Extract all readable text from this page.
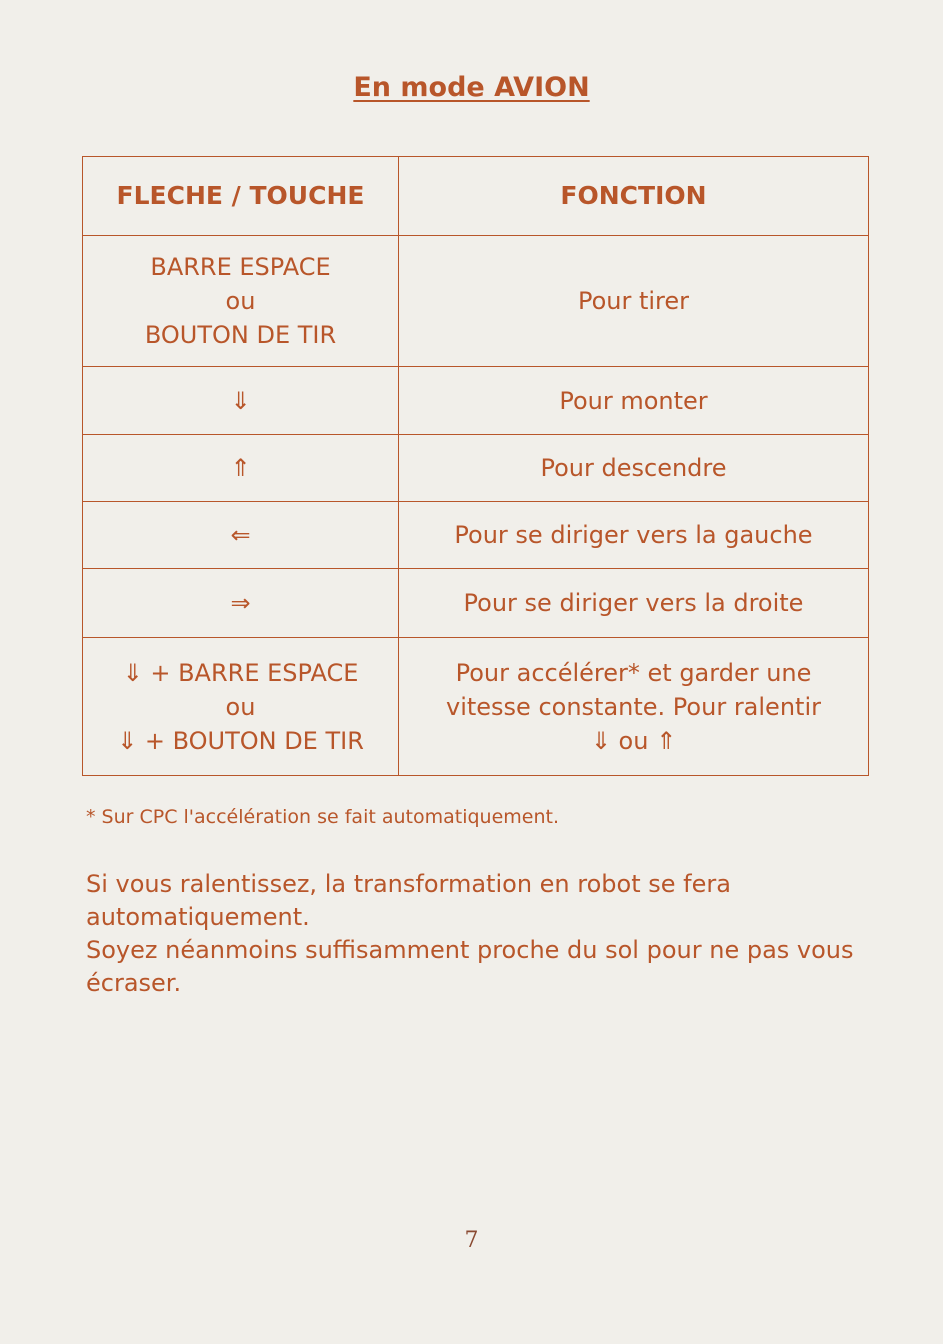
En mode AVION
FLECHE / TOUCHE	FONCTION

BARRE ESPACE
ou
BOUTON DE TIR	Pour tirer

⇓	Pour monter

⇑	Pour descendre

⇐	Pour se diriger vers la gauche

⇒	Pour se diriger vers la droite

⇓ + BARRE ESPACE
ou
⇓ + BOUTON DE TIR	Pour accélérer* et garder une
vitesse constante. Pour ralentir
⇓ ou ⇑
* Sur CPC l'accélération se fait automatiquement.
Si vous ralentissez, la transformation en robot se fera automatiquement.
Soyez néanmoins suffisamment proche du sol pour ne pas vous écraser.
7
